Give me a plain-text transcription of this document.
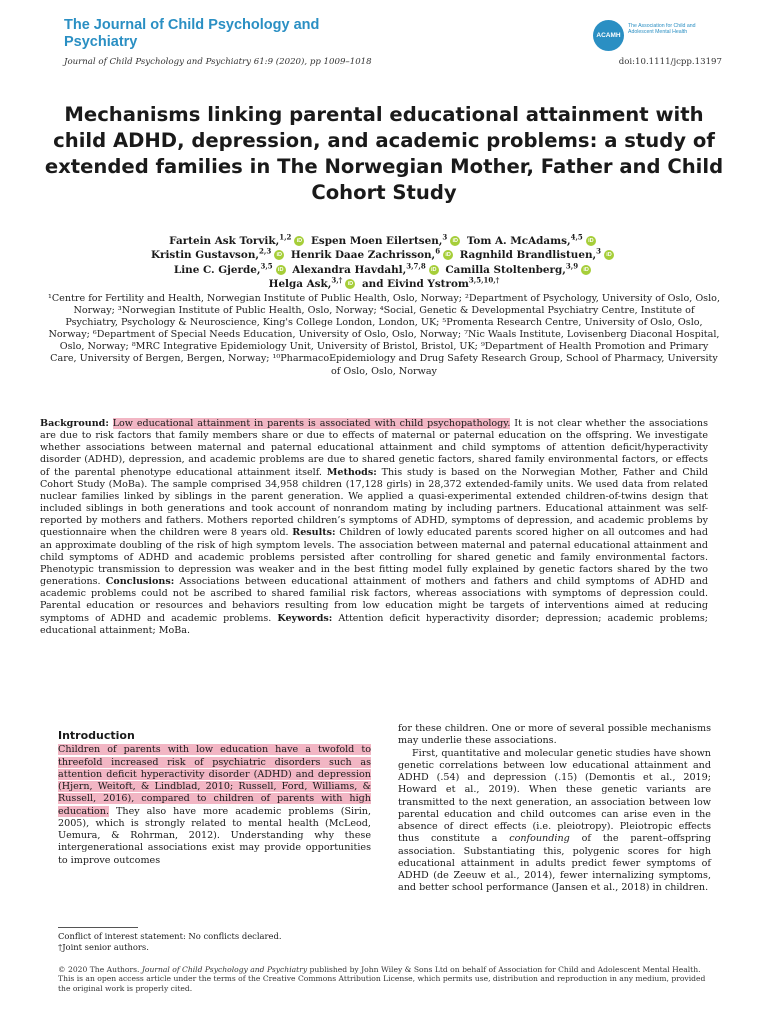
The Journal of Child Psychology and Psychiatry
Journal of Child Psychology and Psychiatry 61:9 (2020), pp 1009–1018	doi:10.1111/jcpp.13197
ACAMH
The Association for Child and Adolescent Mental Health
Mechanisms linking parental educational attainment with child ADHD, depression, and academic problems: a study of extended families in The Norwegian Mother, Father and Child Cohort Study
Fartein Ask Torvik,$^{1,2}$ iD Espen Moen Eilertsen,$^3$ iD Tom A. McAdams,$^{4,5}$ iD
Kristin Gustavson,$^{2,3}$ iD Henrik Daae Zachrisson,$^6$ iD Ragnhild Brandlistuen,$^3$ iD
Line C. Gjerde,$^{3,5}$ iD Alexandra Havdahl,$^{3,7,8}$ iD Camilla Stoltenberg,$^{3,9}$ iD
Helga Ask,$^{3,\dagger}$ iD and Eivind Ystrom$^{3,5,10,\dagger}$
¹Centre for Fertility and Health, Norwegian Institute of Public Health, Oslo, Norway; ²Department of Psychology, University of Oslo, Oslo, Norway; ³Norwegian Institute of Public Health, Oslo, Norway; ⁴Social, Genetic & Developmental Psychiatry Centre, Institute of Psychiatry, Psychology & Neuroscience, King's College London, London, UK; ⁵Promenta Research Centre, University of Oslo, Oslo, Norway; ⁶Department of Special Needs Education, University of Oslo, Oslo, Norway; ⁷Nic Waals Institute, Lovisenberg Diaconal Hospital, Oslo, Norway; ⁸MRC Integrative Epidemiology Unit, University of Bristol, Bristol, UK; ⁹Department of Health Promotion and Primary Care, University of Bergen, Bergen, Norway; ¹⁰PharmacoEpidemiology and Drug Safety Research Group, School of Pharmacy, University of Oslo, Oslo, Norway
Background: Low educational attainment in parents is associated with child psychopathology. It is not clear whether the associations are due to risk factors that family members share or due to effects of maternal or paternal education on the offspring. We investigate whether associations between maternal and paternal educational attainment and child symptoms of attention deficit/hyperactivity disorder (ADHD), depression, and academic problems are due to shared genetic factors, shared family environmental factors, or effects of the parental phenotype educational attainment itself. Methods: This study is based on the Norwegian Mother, Father and Child Cohort Study (MoBa). The sample comprised 34,958 children (17,128 girls) in 28,372 extended-family units. We used data from related nuclear families linked by siblings in the parent generation. We applied a quasi-experimental extended children-of-twins design that included siblings in both generations and took account of nonrandom mating by including partners. Educational attainment was self-reported by mothers and fathers. Mothers reported children’s symptoms of ADHD, symptoms of depression, and academic problems by questionnaire when the children were 8 years old. Results: Children of lowly educated parents scored higher on all outcomes and had an approximate doubling of the risk of high symptom levels. The association between maternal and paternal educational attainment and child symptoms of ADHD and academic problems persisted after controlling for shared genetic and family environmental factors. Phenotypic transmission to depression was weaker and in the best fitting model fully explained by genetic factors shared by the two generations. Conclusions: Associations between educational attainment of mothers and fathers and child symptoms of ADHD and academic problems could not be ascribed to shared familial risk factors, whereas associations with symptoms of depression could. Parental education or resources and behaviors resulting from low education might be targets of interventions aimed at reducing symptoms of ADHD and academic problems. Keywords: Attention deficit hyperactivity disorder; depression; academic problems; educational attainment; MoBa.
Introduction
Children of parents with low education have a twofold to threefold increased risk of psychiatric disorders such as attention deficit hyperactivity disorder (ADHD) and depression (Hjern, Weitoft, & Lindblad, 2010; Russell, Ford, Williams, & Russell, 2016), compared to children of parents with high education. They also have more academic problems (Sirin, 2005), which is strongly related to mental health (McLeod, Uemura, & Rohrman, 2012). Understanding why these intergenerational associations exist may provide opportunities to improve outcomes

for these children. One or more of several possible mechanisms may underlie these associations.

First, quantitative and molecular genetic studies have shown genetic correlations between low educational attainment and ADHD (.54) and depression (.15) (Demontis et al., 2019; Howard et al., 2019). When these genetic variants are transmitted to the next generation, an association between low parental education and child outcomes can arise even in the absence of direct effects (i.e. pleiotropy). Pleiotropic effects thus constitute a confounding of the parent–offspring association. Substantiating this, polygenic scores for high educational attainment in adults predict fewer symptoms of ADHD (de Zeeuw et al., 2014), fewer internalizing symptoms, and better school performance (Jansen et al., 2018) in children.

Conflict of interest statement: No conflicts declared.
†Joint senior authors.
© 2020 The Authors. Journal of Child Psychology and Psychiatry published by John Wiley & Sons Ltd on behalf of Association for Child and Adolescent Mental Health.
This is an open access article under the terms of the Creative Commons Attribution License, which permits use, distribution and reproduction in any medium, provided the original work is properly cited.
